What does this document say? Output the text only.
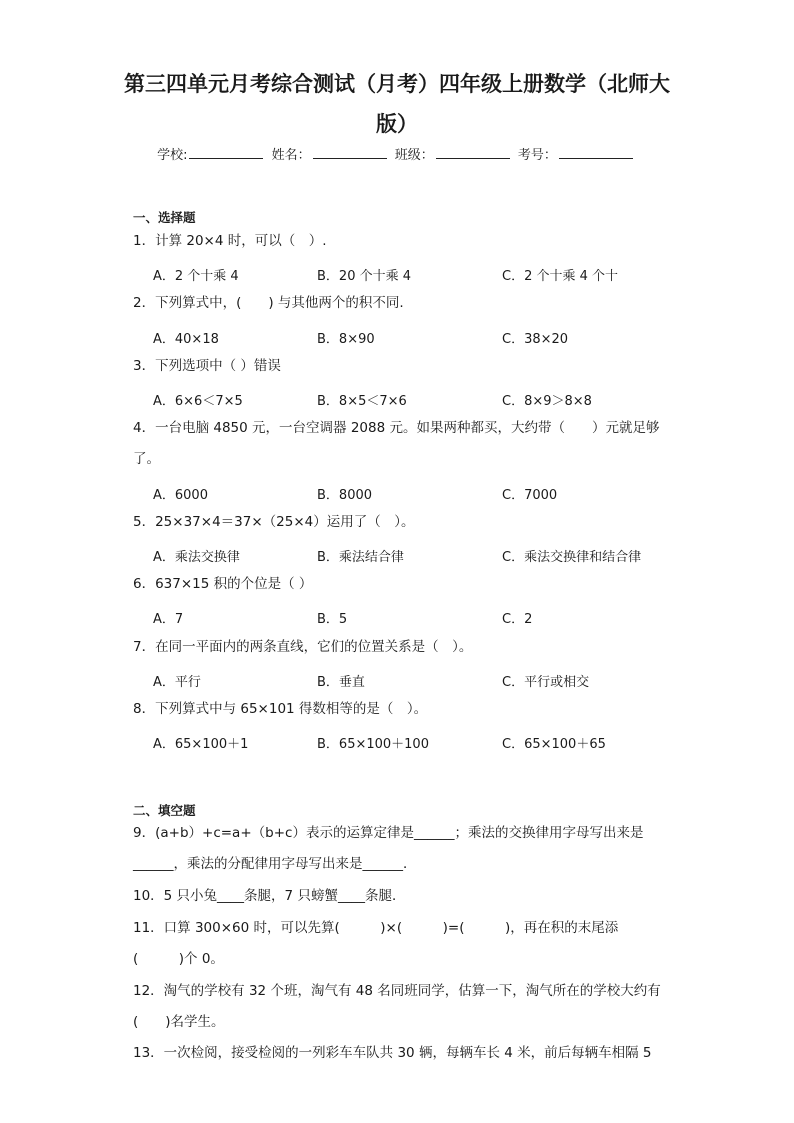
第三四单元月考综合测试（月考）四年级上册数学（北师大版）
学校:	姓名：	班级：	考号：
一、选择题
1．计算 20×4 时，可以（　）.
A．2 个十乘 4	B．20 个十乘 4	C．2 个十乘 4 个十
2．下列算式中，(　　) 与其他两个的积不同.
A．40×18	B．8×90	C．38×20
3．下列选项中（ ）错误
A．6×6＜7×5	B．8×5＜7×6	C．8×9＞8×8
4．一台电脑 4850 元，一台空调器 2088 元。如果两种都买，大约带（　　）元就足够了。
A．6000	B．8000	C．7000
5．25×37×4＝37×（25×4）运用了（　）。
A．乘法交换律	B．乘法结合律	C．乘法交换律和结合律
6．637×15 积的个位是（ ）
A．7	B．5	C．2
7．在同一平面内的两条直线，它们的位置关系是（　）。
A．平行	B．垂直	C．平行或相交
8．下列算式中与 65×101 得数相等的是（　）。
A．65×100＋1	B．65×100＋100	C．65×100＋65
二、填空题
9．(a+b）+c=a+（b+c）表示的运算定律是______；乘法的交换律用字母写出来是______，乘法的分配律用字母写出来是______．
10．5 只小兔____条腿，7 只螃蟹____条腿．
11．口算 300×60 时，可以先算(　　　)×(　　　)=(　　　)，再在积的末尾添(　　　)个 0。
12．淘气的学校有 32 个班，淘气有 48 名同班同学，估算一下，淘气所在的学校大约有(　　)名学生。
13．一次检阅，接受检阅的一列彩车车队共 30 辆，每辆车长 4 米，前后每辆车相隔 5
